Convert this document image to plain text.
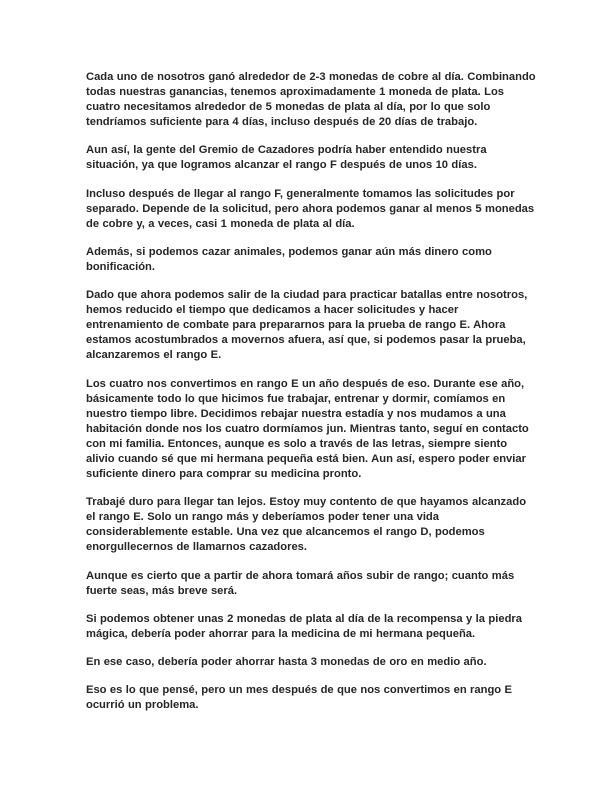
Cada uno de nosotros ganó alrededor de 2-3 monedas de cobre al día. Combinando todas nuestras ganancias, tenemos aproximadamente 1 moneda de plata. Los cuatro necesitamos alrededor de 5 monedas de plata al día, por lo que solo tendríamos suficiente para 4 días, incluso después de 20 días de trabajo.

Aun así, la gente del Gremio de Cazadores podría haber entendido nuestra situación, ya que logramos alcanzar el rango F después de unos 10 días.

Incluso después de llegar al rango F, generalmente tomamos las solicitudes por separado. Depende de la solicitud, pero ahora podemos ganar al menos 5 monedas de cobre y, a veces, casi 1 moneda de plata al día.

Además, si podemos cazar animales, podemos ganar aún más dinero como bonificación.

Dado que ahora podemos salir de la ciudad para practicar batallas entre nosotros, hemos reducido el tiempo que dedicamos a hacer solicitudes y hacer entrenamiento de combate para prepararnos para la prueba de rango E. Ahora estamos acostumbrados a movernos afuera, así que, si podemos pasar la prueba, alcanzaremos el rango E.

Los cuatro nos convertimos en rango E un año después de eso. Durante ese año, básicamente todo lo que hicimos fue trabajar, entrenar y dormir, comíamos en nuestro tiempo libre. Decidimos rebajar nuestra estadía y nos mudamos a una habitación donde nos los cuatro dormíamos jun. Mientras tanto, seguí en contacto con mi familia. Entonces, aunque es solo a través de las letras, siempre siento alivio cuando sé que mi hermana pequeña está bien. Aun así, espero poder enviar suficiente dinero para comprar su medicina pronto.

Trabajé duro para llegar tan lejos. Estoy muy contento de que hayamos alcanzado el rango E. Solo un rango más y deberíamos poder tener una vida considerablemente estable. Una vez que alcancemos el rango D, podemos enorgullecernos de llamarnos cazadores.

Aunque es cierto que a partir de ahora tomará años subir de rango; cuanto más fuerte seas, más breve será.

Si podemos obtener unas 2 monedas de plata al día de la recompensa y la piedra mágica, debería poder ahorrar para la medicina de mi hermana pequeña.

En ese caso, debería poder ahorrar hasta 3 monedas de oro en medio año.

Eso es lo que pensé, pero un mes después de que nos convertimos en rango E ocurrió un problema.
